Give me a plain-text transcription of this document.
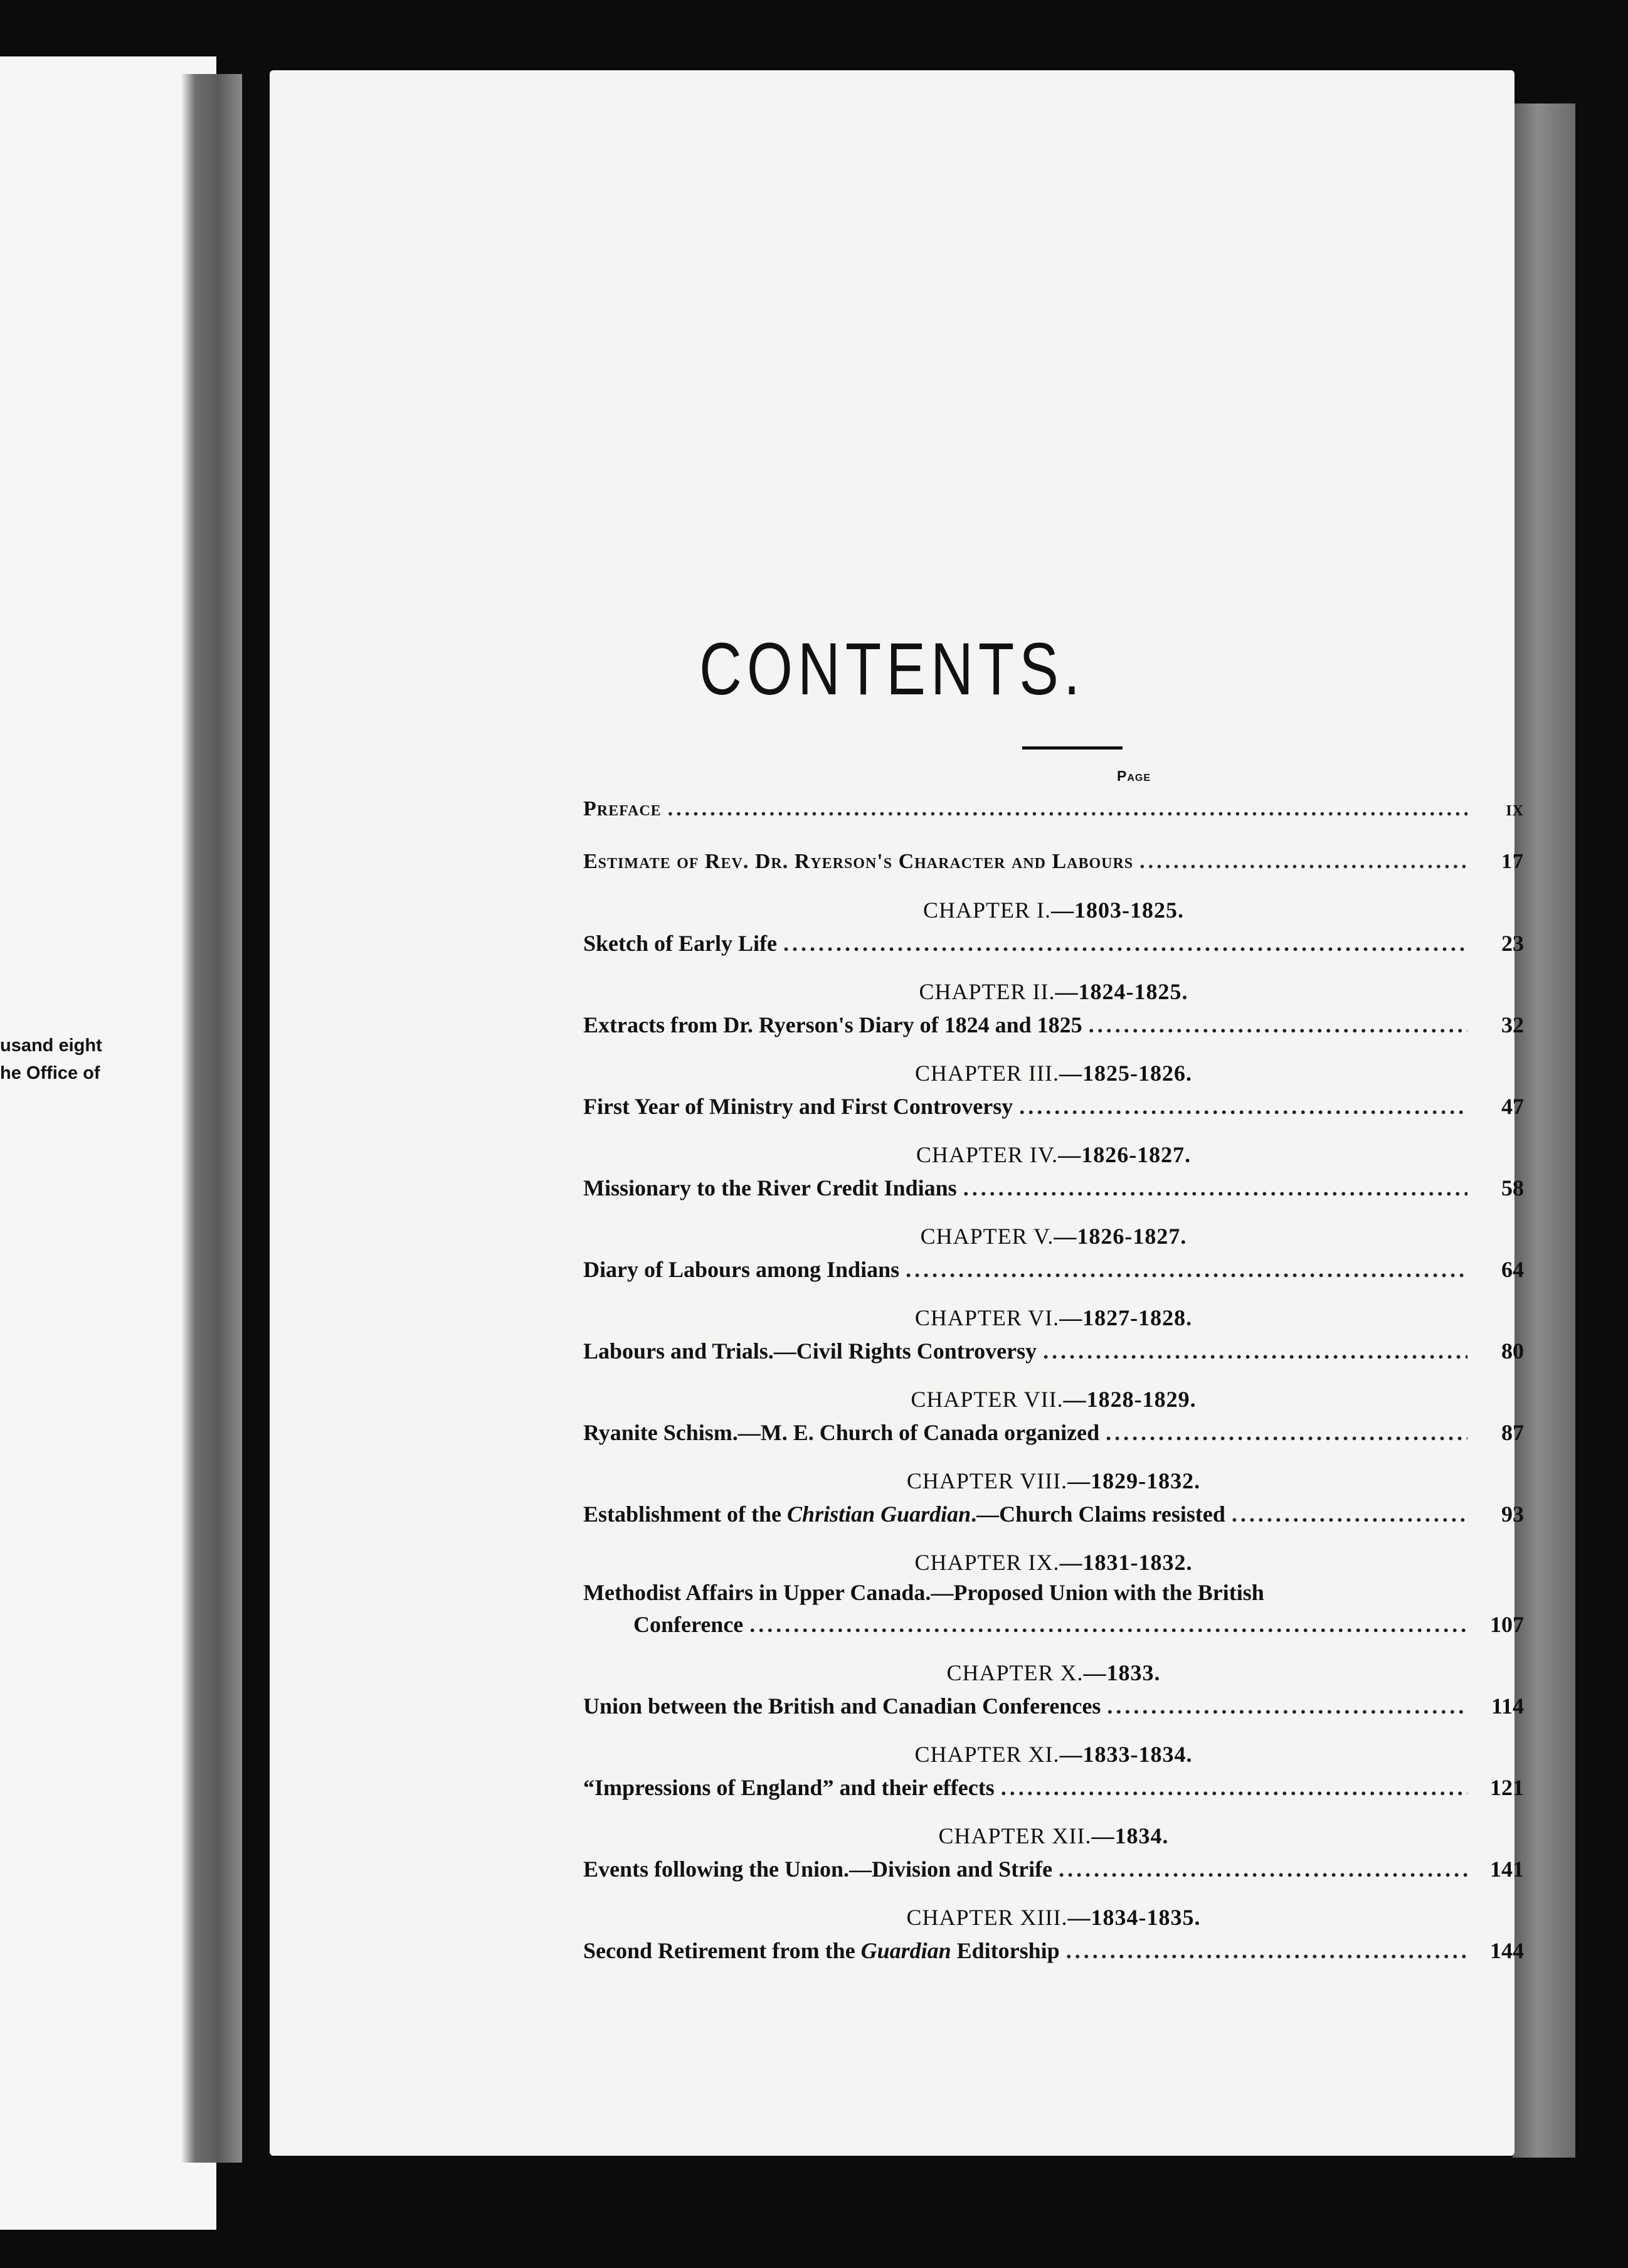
usand eight
he Office of
CONTENTS.
Page
Preface .....	ix
Estimate of Rev. Dr. Ryerson's Character and Labours .....	17
CHAPTER I.—1803-1825.
Sketch of Early Life .....	23
CHAPTER II.—1824-1825.
Extracts from Dr. Ryerson's Diary of 1824 and 1825 .....	32
CHAPTER III.—1825-1826.
First Year of Ministry and First Controversy .....	47
CHAPTER IV.—1826-1827.
Missionary to the River Credit Indians .....	58
CHAPTER V.—1826-1827.
Diary of Labours among Indians .....	64
CHAPTER VI.—1827-1828.
Labours and Trials.—Civil Rights Controversy .....	80
CHAPTER VII.—1828-1829.
Ryanite Schism.—M. E. Church of Canada organized .....	87
CHAPTER VIII.—1829-1832.
Establishment of the Christian Guardian.—Church Claims resisted .....	93
CHAPTER IX.—1831-1832.
Methodist Affairs in Upper Canada.—Proposed Union with the British
Conference .....	107
CHAPTER X.—1833.
Union between the British and Canadian Conferences .....	114
CHAPTER XI.—1833-1834.
“Impressions of England” and their effects .....	121
CHAPTER XII.—1834.
Events following the Union.—Division and Strife .....	141
CHAPTER XIII.—1834-1835.
Second Retirement from the Guardian Editorship .....	144
